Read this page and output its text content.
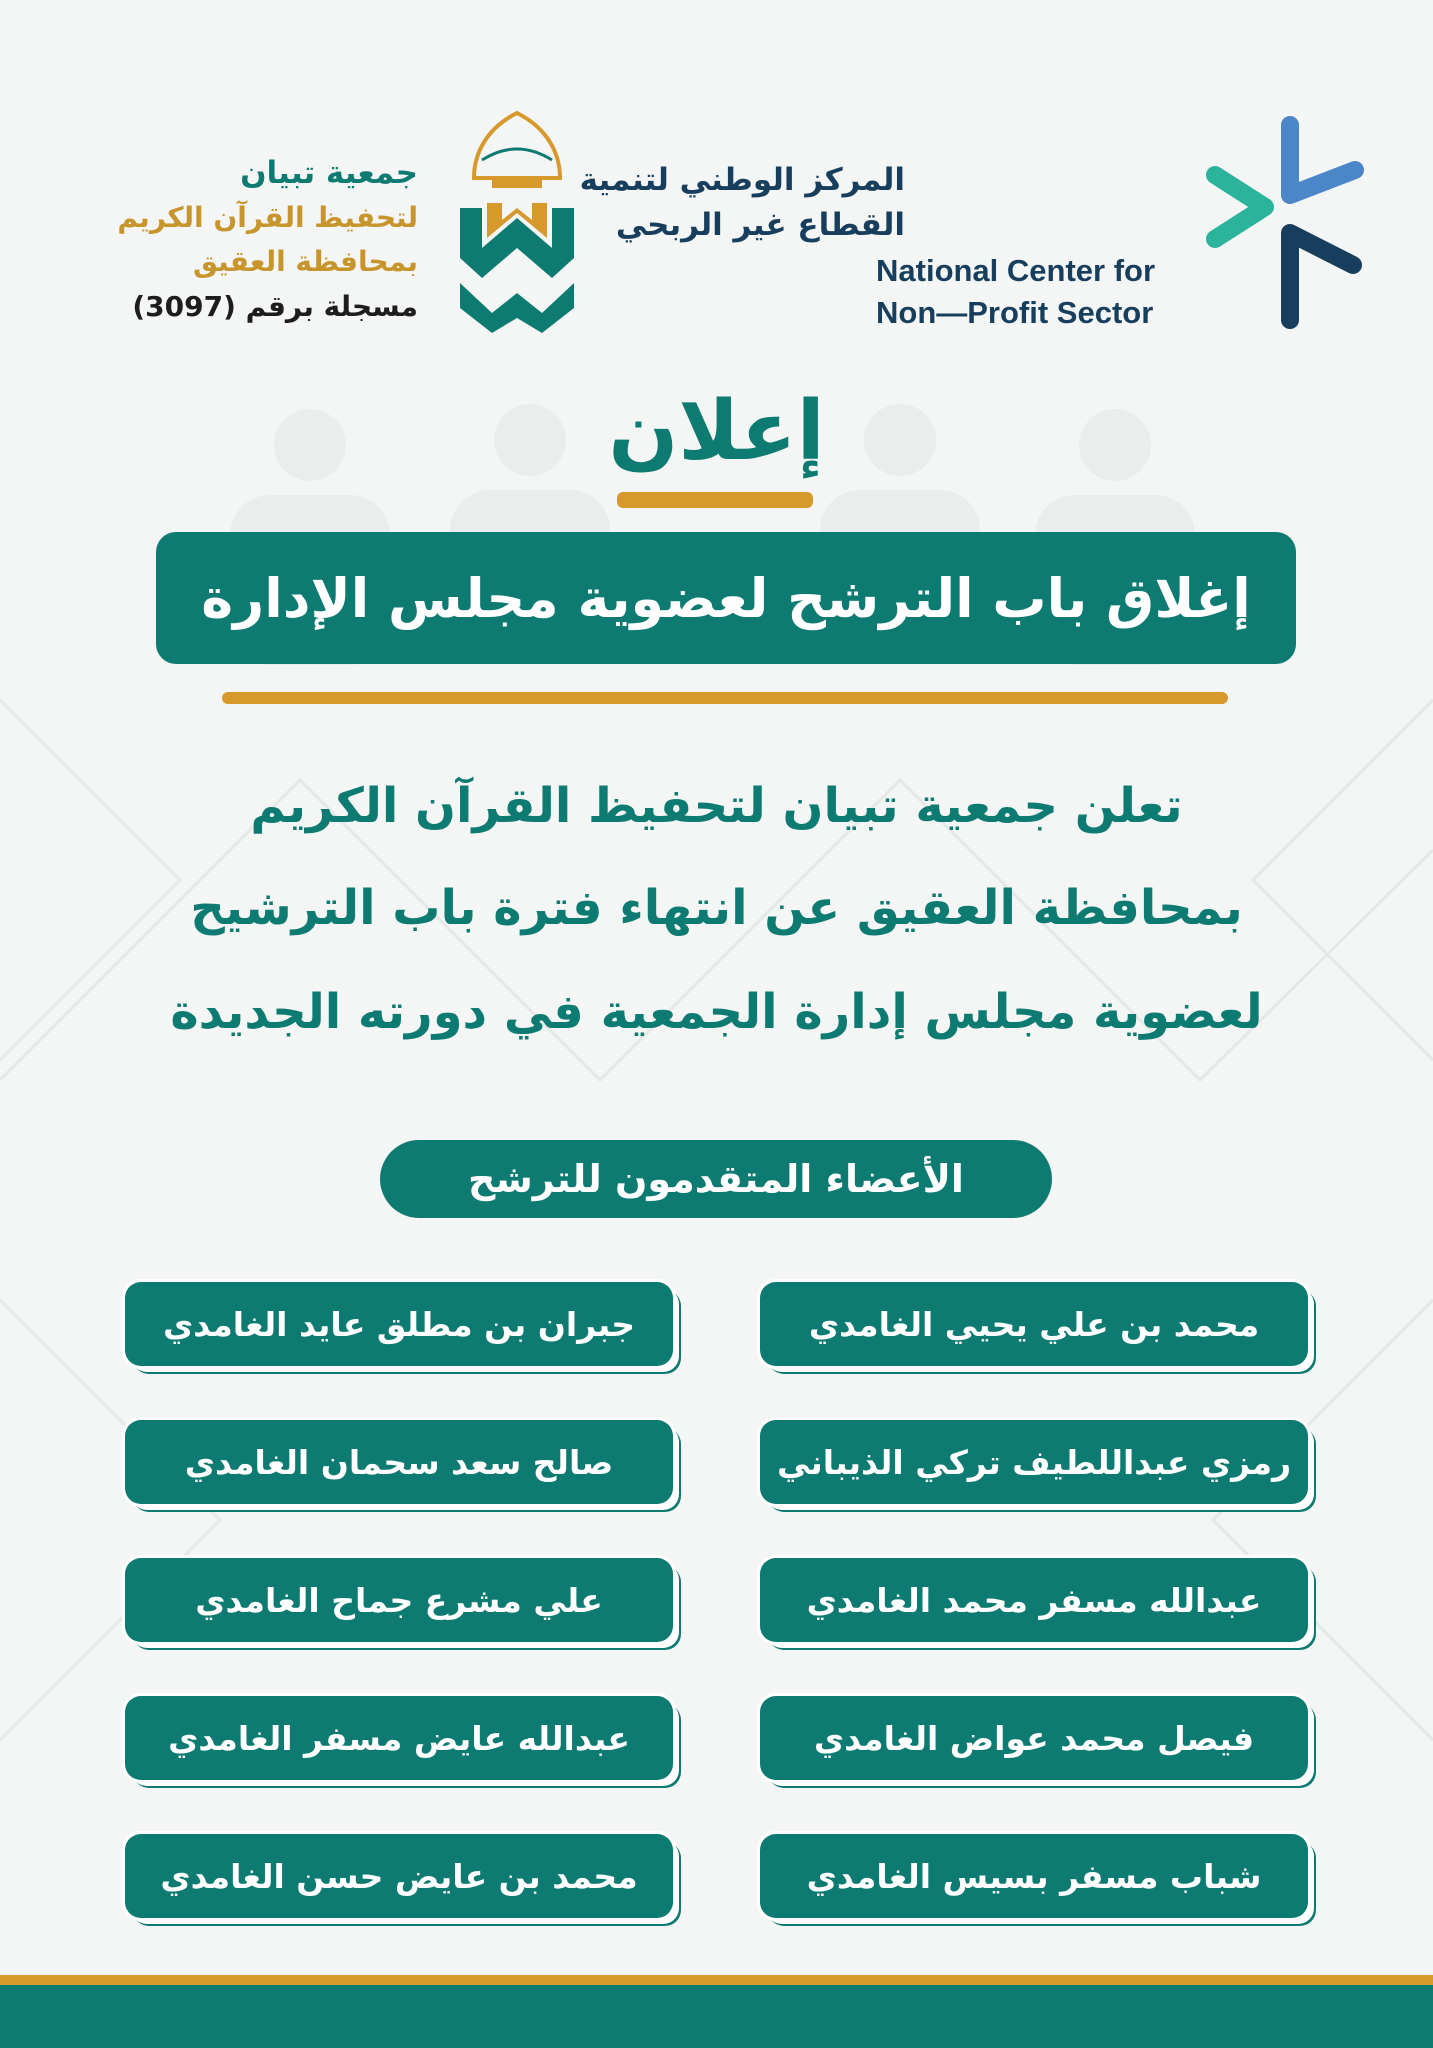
المركز الوطني لتنمية
القطاع غير الربحي
National Center for
Non—Profit Sector
جمعية تبيان
لتحفيظ القرآن الكريم
بمحافظة العقيق
مسجلة برقم (3097)
إعلان
إغلاق باب الترشح لعضوية مجلس الإدارة
تعلن جمعية تبيان لتحفيظ القرآن الكريم
بمحافظة العقيق عن انتهاء فترة باب الترشيح
لعضوية مجلس إدارة الجمعية في دورته الجديدة
الأعضاء المتقدمون للترشح
محمد بن علي يحيي الغامدي
جبران بن مطلق عايد الغامدي
رمزي عبداللطيف تركي الذيباني
صالح سعد سحمان الغامدي
عبدالله مسفر محمد الغامدي
علي مشرع جماح الغامدي
فيصل محمد عواض الغامدي
عبدالله عايض مسفر الغامدي
شباب مسفر بسيس الغامدي
محمد بن عايض حسن الغامدي
